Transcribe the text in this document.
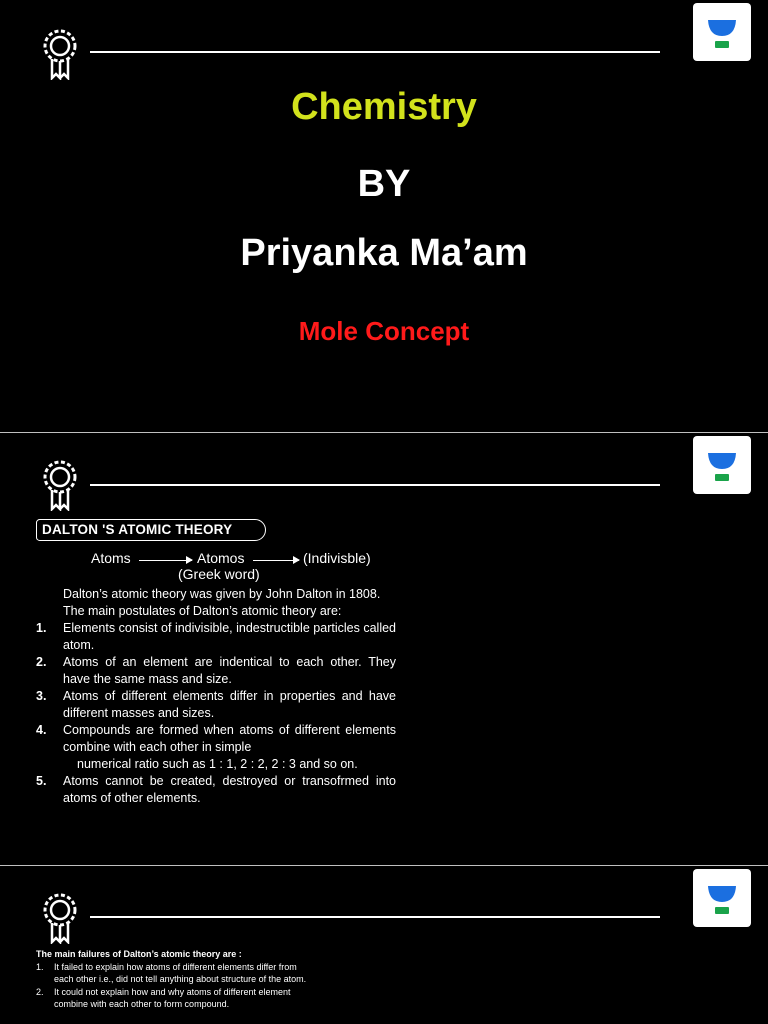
Chemistry
BY
Priyanka Ma’am
Mole Concept
DALTON 'S ATOMIC THEORY
Atoms	Atomos	(Indivisble)
(Greek word)
Dalton’s atomic theory was given by John Dalton in 1808. The main postulates of Dalton’s atomic theory are:
1. Elements consist of indivisible, indestructible particles called atom.
2. Atoms of an element are indentical to each other. They have the same mass and size.
3. Atoms of different elements differ in properties and have different masses and sizes.
4. Compounds are formed when atoms of different elements combine with each other in simple
numerical ratio such as 1 : 1, 2 : 2, 2 : 3 and so on.
5. Atoms cannot be created, destroyed or transofrmed into atoms of other elements.
The main failures of Dalton’s atomic theory are :
1. It failed to explain how atoms of different elements differ from each other i.e., did not tell anything about structure of the atom.
2. It could not explain how and why atoms of different element combine with each other to form compound.
